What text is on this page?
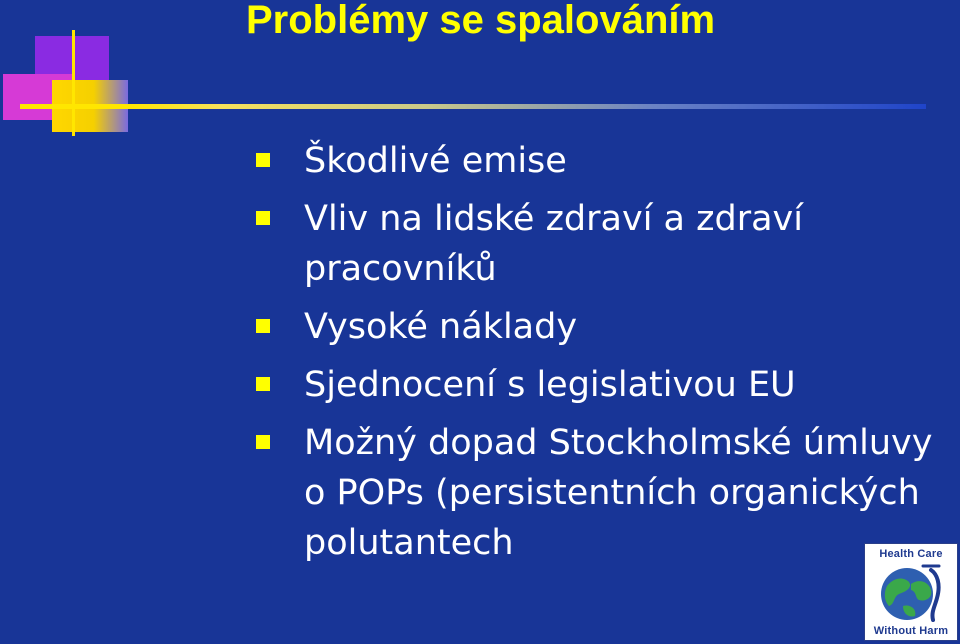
Problémy se spalováním
Škodlivé emise
Vliv na lidské zdraví a zdraví pracovníků
Vysoké náklady
Sjednocení s legislativou EU
Možný dopad Stockholmské úmluvy o POPs (persistentních organických polutantech	Health Care
Without Harm
